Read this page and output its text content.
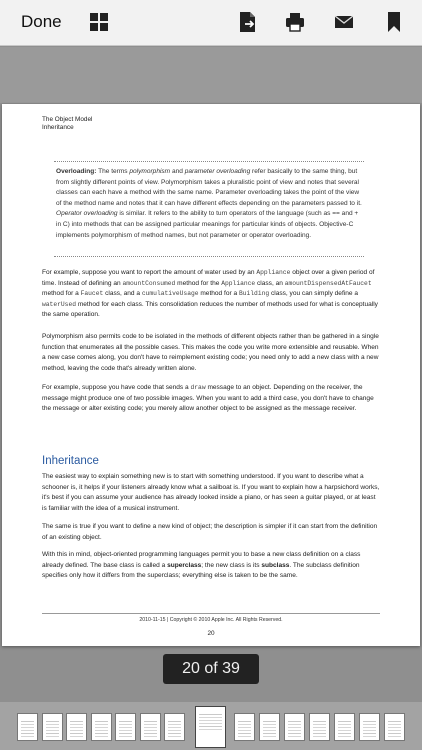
Done
The Object Model
Inheritance
Overloading: The terms polymorphism and parameter overloading refer basically to the same thing, but from slightly different points of view. Polymorphism takes a pluralistic point of view and notes that several classes can each have a method with the same name. Parameter overloading takes the point of the view of the method name and notes that it can have different effects depending on the parameters passed to it. Operator overloading is similar. It refers to the ability to turn operators of the language (such as == and + in C) into methods that can be assigned particular meanings for particular kinds of objects. Objective-C implements polymorphism of method names, but not parameter or operator overloading.
For example, suppose you want to report the amount of water used by an Appliance object over a given period of time. Instead of defining an amountConsumed method for the Appliance class, an amountDispensedAtFaucet method for a Faucet class, and a cumulativeUsage method for a Building class, you can simply define a waterUsed method for each class. This consolidation reduces the number of methods used for what is conceptually the same operation.
Polymorphism also permits code to be isolated in the methods of different objects rather than be gathered in a single function that enumerates all the possible cases. This makes the code you write more extensible and reusable. When a new case comes along, you don't have to reimplement existing code; you need only to add a new class with a new method, leaving the code that's already written alone.
For example, suppose you have code that sends a draw message to an object. Depending on the receiver, the message might produce one of two possible images. When you want to add a third case, you don't have to change the message or alter existing code; you merely allow another object to be assigned as the message receiver.
Inheritance
The easiest way to explain something new is to start with something understood. If you want to describe what a schooner is, it helps if your listeners already know what a sailboat is. If you want to explain how a harpsichord works, it's best if you can assume your audience has already looked inside a piano, or has seen a guitar played, or at least is familiar with the idea of a musical instrument.
The same is true if you want to define a new kind of object; the description is simpler if it can start from the definition of an existing object.
With this in mind, object-oriented programming languages permit you to base a new class definition on a class already defined. The base class is called a superclass; the new class is its subclass. The subclass definition specifies only how it differs from the superclass; everything else is taken to be the same.
2010-11-15 | Copyright © 2010 Apple Inc. All Rights Reserved.
20
20 of 39
